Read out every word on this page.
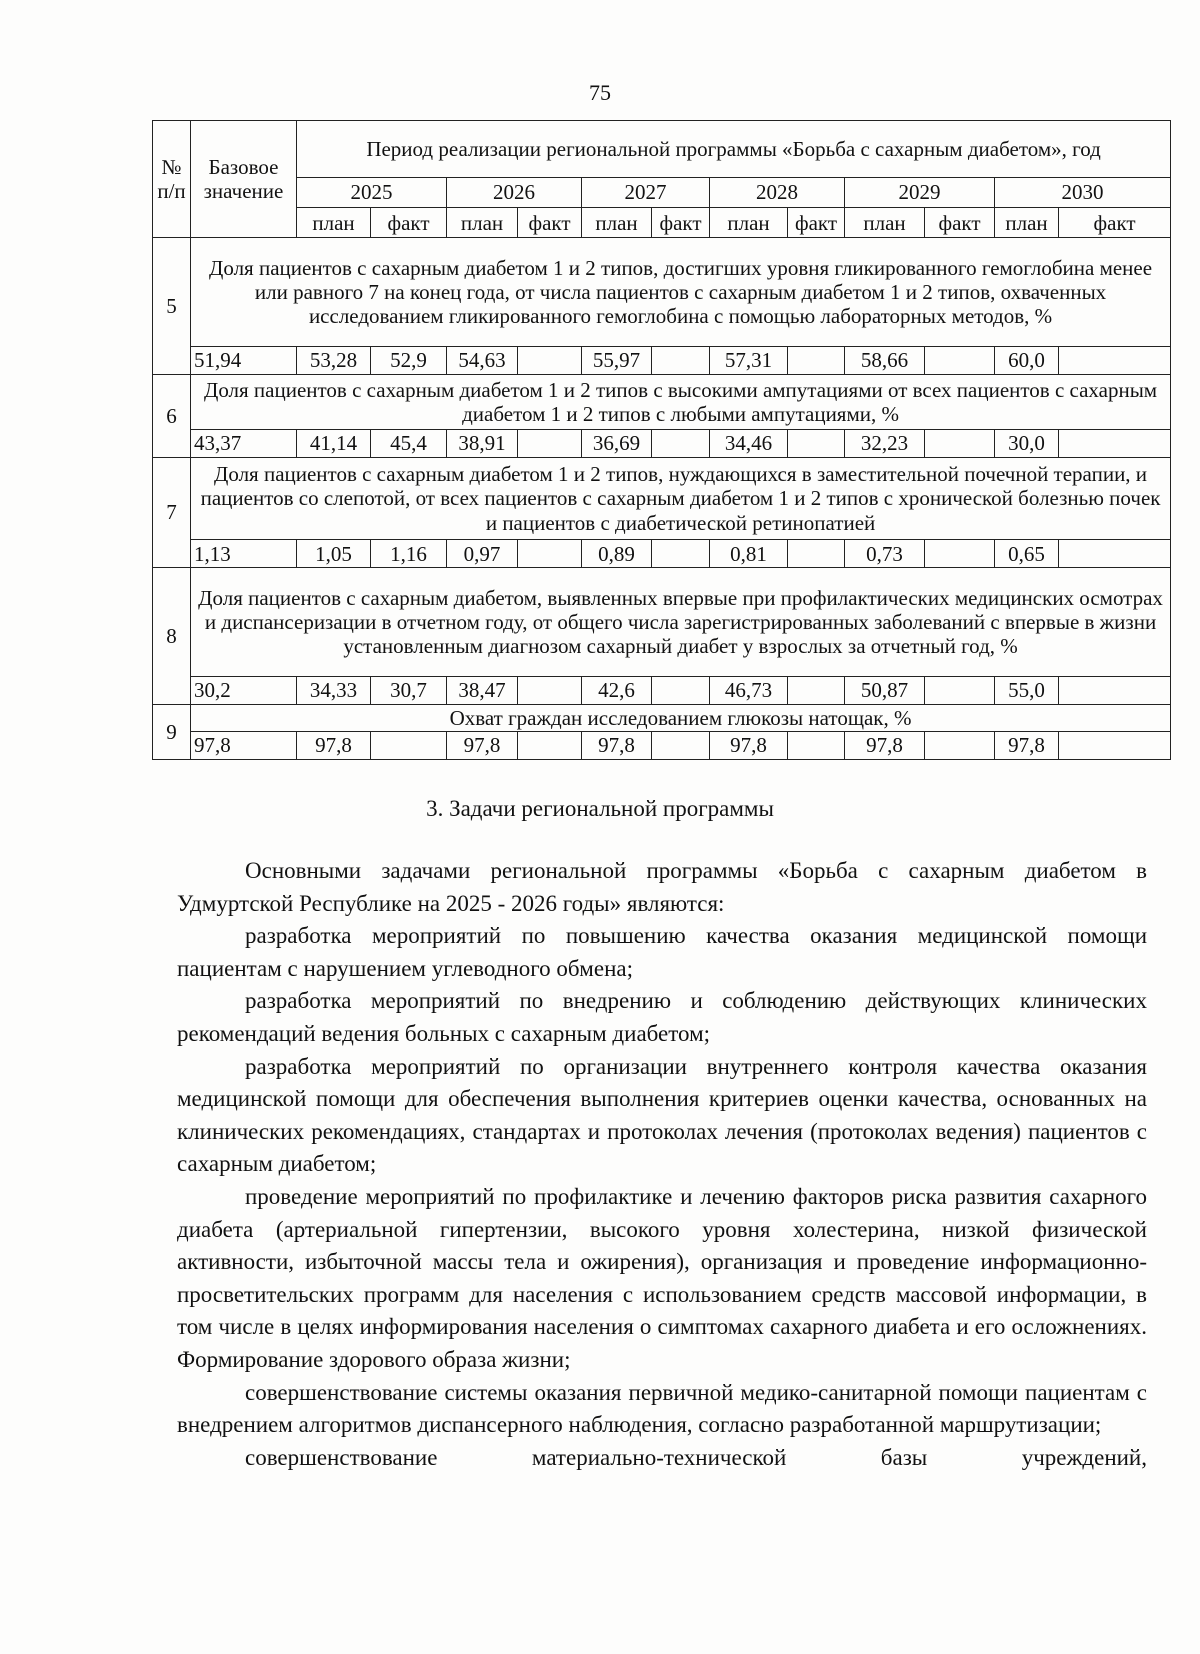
75
№ п/п	Базовое значение	Период реализации региональной программы «Борьба с сахарным диабетом», год											
		2025		2026		2027		2028		2029		2030	
		план	факт	план	факт	план	факт	план	факт	план	факт	план	факт
5	Доля пациентов с сахарным диабетом 1 и 2 типов, достигших уровня гликированного гемоглобина менее или равного 7 на конец года, от числа пациентов с сахарным диабетом 1 и 2 типов, охваченных исследованием гликированного гемоглобина с помощью лабораторных методов, %												
	51,94	53,28	52,9	54,63		55,97		57,31		58,66		60,0	
6	Доля пациентов с сахарным диабетом 1 и 2 типов с высокими ампутациями от всех пациентов с сахарным диабетом 1 и 2 типов с любыми ампутациями, %												
	43,37	41,14	45,4	38,91		36,69		34,46		32,23		30,0	
7	Доля пациентов с сахарным диабетом 1 и 2 типов, нуждающихся в заместительной почечной терапии, и пациентов со слепотой, от всех пациентов с сахарным диабетом 1 и 2 типов с хронической болезнью почек и пациентов с диабетической ретинопатией												
	1,13	1,05	1,16	0,97		0,89		0,81		0,73		0,65	
8	Доля пациентов с сахарным диабетом, выявленных впервые при профилактических медицинских осмотрах и диспансеризации в отчетном году, от общего числа зарегистрированных заболеваний с впервые в жизни установленным диагнозом сахарный диабет у взрослых за отчетный год, %												
	30,2	34,33	30,7	38,47		42,6		46,73		50,87		55,0	
9	Охват граждан исследованием глюкозы натощак, %												
	97,8	97,8		97,8		97,8		97,8		97,8		97,8	
3. Задачи региональной программы

Основными задачами региональной программы «Борьба с сахарным диабетом в Удмуртской Республике на 2025 - 2026 годы» являются:

разработка мероприятий по повышению качества оказания медицинской помощи пациентам с нарушением углеводного обмена;

разработка мероприятий по внедрению и соблюдению действующих клинических рекомендаций ведения больных с сахарным диабетом;

разработка мероприятий по организации внутреннего контроля качества оказания медицинской помощи для обеспечения выполнения критериев оценки качества, основанных на клинических рекомендациях, стандартах и протоколах лечения (протоколах ведения) пациентов с сахарным диабетом;

проведение мероприятий по профилактике и лечению факторов риска развития сахарного диабета (артериальной гипертензии, высокого уровня холестерина, низкой физической активности, избыточной массы тела и ожирения), организация и проведение информационно-просветительских программ для населения с использованием средств массовой информации, в том числе в целях информирования населения о симптомах сахарного диабета и его осложнениях. Формирование здорового образа жизни;

совершенствование системы оказания первичной медико-санитарной помощи пациентам с внедрением алгоритмов диспансерного наблюдения, согласно разработанной маршрутизации;

совершенствование материально-технической базы учреждений,
